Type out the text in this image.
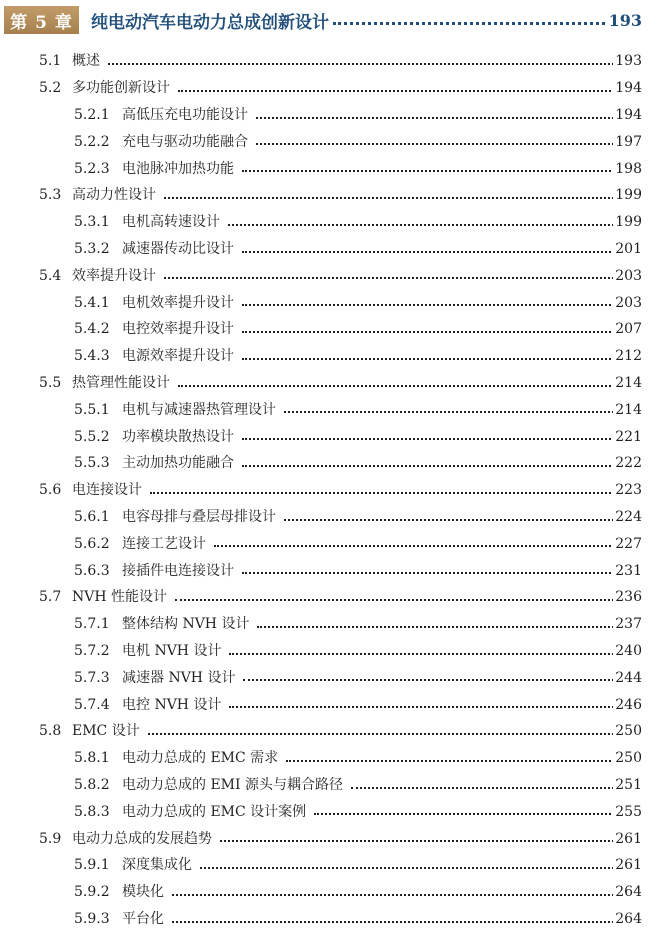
第 5 章	纯电动汽车电动力总成创新设计	193
5.1 概述	193
5.2 多功能创新设计	194
5.2.1 高低压充电功能设计	194
5.2.2 充电与驱动功能融合	197
5.2.3 电池脉冲加热功能	198
5.3 高动力性设计	199
5.3.1 电机高转速设计	199
5.3.2 减速器传动比设计	201
5.4 效率提升设计	203
5.4.1 电机效率提升设计	203
5.4.2 电控效率提升设计	207
5.4.3 电源效率提升设计	212
5.5 热管理性能设计	214
5.5.1 电机与减速器热管理设计	214
5.5.2 功率模块散热设计	221
5.5.3 主动加热功能融合	222
5.6 电连接设计	223
5.6.1 电容母排与叠层母排设计	224
5.6.2 连接工艺设计	227
5.6.3 接插件电连接设计	231
5.7 NVH 性能设计	236
5.7.1 整体结构 NVH 设计	237
5.7.2 电机 NVH 设计	240
5.7.3 减速器 NVH 设计	244
5.7.4 电控 NVH 设计	246
5.8 EMC 设计	250
5.8.1 电动力总成的 EMC 需求	250
5.8.2 电动力总成的 EMI 源头与耦合路径	251
5.8.3 电动力总成的 EMC 设计案例	255
5.9 电动力总成的发展趋势	261
5.9.1 深度集成化	261
5.9.2 模块化	264
5.9.3 平台化	264
